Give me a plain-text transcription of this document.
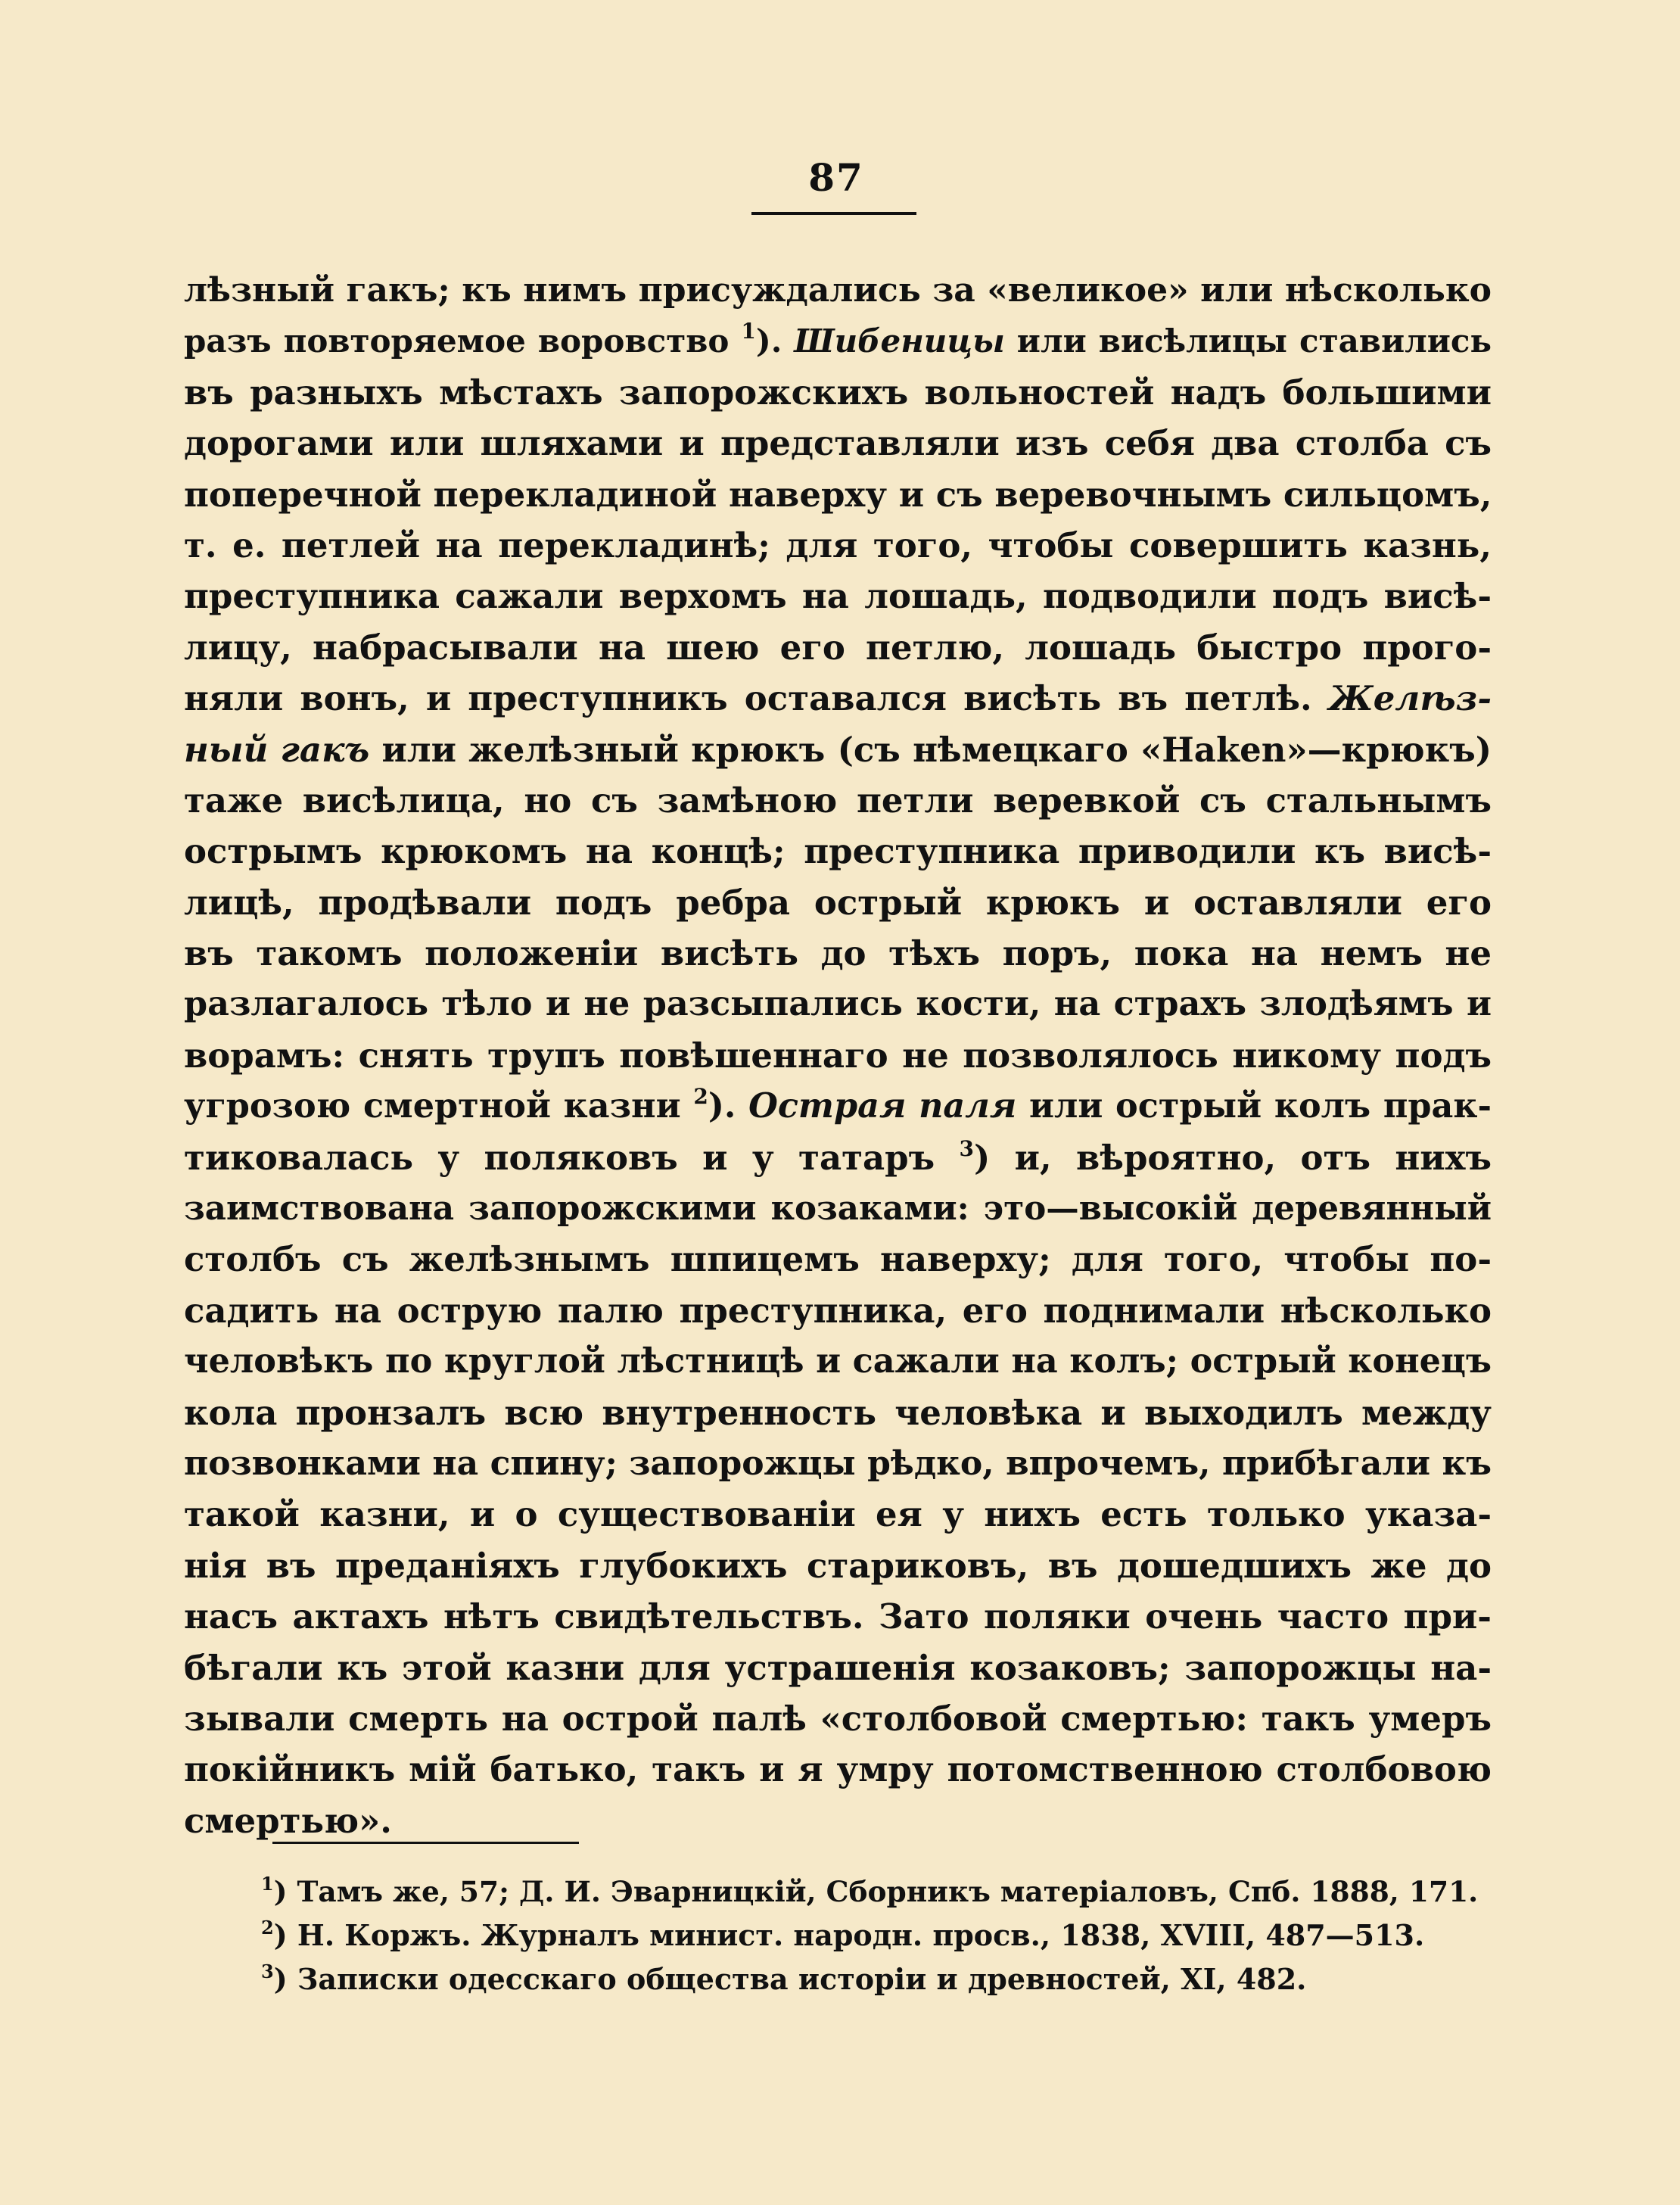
87
лѣзный гакъ; къ нимъ присуждались за «великое» или нѣсколько
разъ повторяемое воровство $^1$). Шибеницы или висѣлицы ставились
въ разныхъ мѣстахъ запорожскихъ вольностей надъ большими
дорогами или шляхами и представляли изъ себя два столба съ
поперечной перекладиной наверху и съ веревочнымъ сильцомъ,
т. е. петлей на перекладинѣ; для того, чтобы совершить казнь,
преступника сажали верхомъ на лошадь, подводили подъ висѣ-
лицу, набрасывали на шею его петлю, лошадь быстро прого-
няли вонъ, и преступникъ оставался висѣть въ петлѣ. Желѣз-
ный гакъ или желѣзный крюкъ (съ нѣмецкаго «Haken»—крюкъ)
таже висѣлица, но съ замѣною петли веревкой съ стальнымъ
острымъ крюкомъ на концѣ; преступника приводили къ висѣ-
лицѣ, продѣвали подъ ребра острый крюкъ и оставляли его
въ такомъ положеніи висѣть до тѣхъ поръ, пока на немъ не
разлагалось тѣло и не разсыпались кости, на страхъ злодѣямъ и
ворамъ: снять трупъ повѣшеннаго не позволялось никому подъ
угрозою смертной казни $^2$). Острая паля или острый колъ прак-
тиковалась у поляковъ и у татаръ $^3$) и, вѣроятно, отъ нихъ
заимствована запорожскими козаками: это—высокій деревянный
столбъ съ желѣзнымъ шпицемъ наверху; для того, чтобы по-
садить на острую палю преступника, его поднимали нѣсколько
человѣкъ по круглой лѣстницѣ и сажали на колъ; острый конецъ
кола пронзалъ всю внутренность человѣка и выходилъ между
позвонками на спину; запорожцы рѣдко, впрочемъ, прибѣгали къ
такой казни, и о существованіи ея у нихъ есть только указа-
нія въ преданіяхъ глубокихъ стариковъ, въ дошедшихъ же до
насъ актахъ нѣтъ свидѣтельствъ. Зато поляки очень часто при-
бѣгали къ этой казни для устрашенія козаковъ; запорожцы на-
зывали смерть на острой палѣ «столбовой смертью: такъ умеръ
покійникъ мій батько, такъ и я умру потомственною столбовою
смертью».
$^1$) Тамъ же, 57; Д. И. Эварницкій, Сборникъ матеріаловъ, Спб. 1888, 171.
$^2$) Н. Коржъ. Журналъ минист. народн. просв., 1838, XVIII, 487—513.
$^3$) Записки одесскаго общества исторіи и древностей, XI, 482.
